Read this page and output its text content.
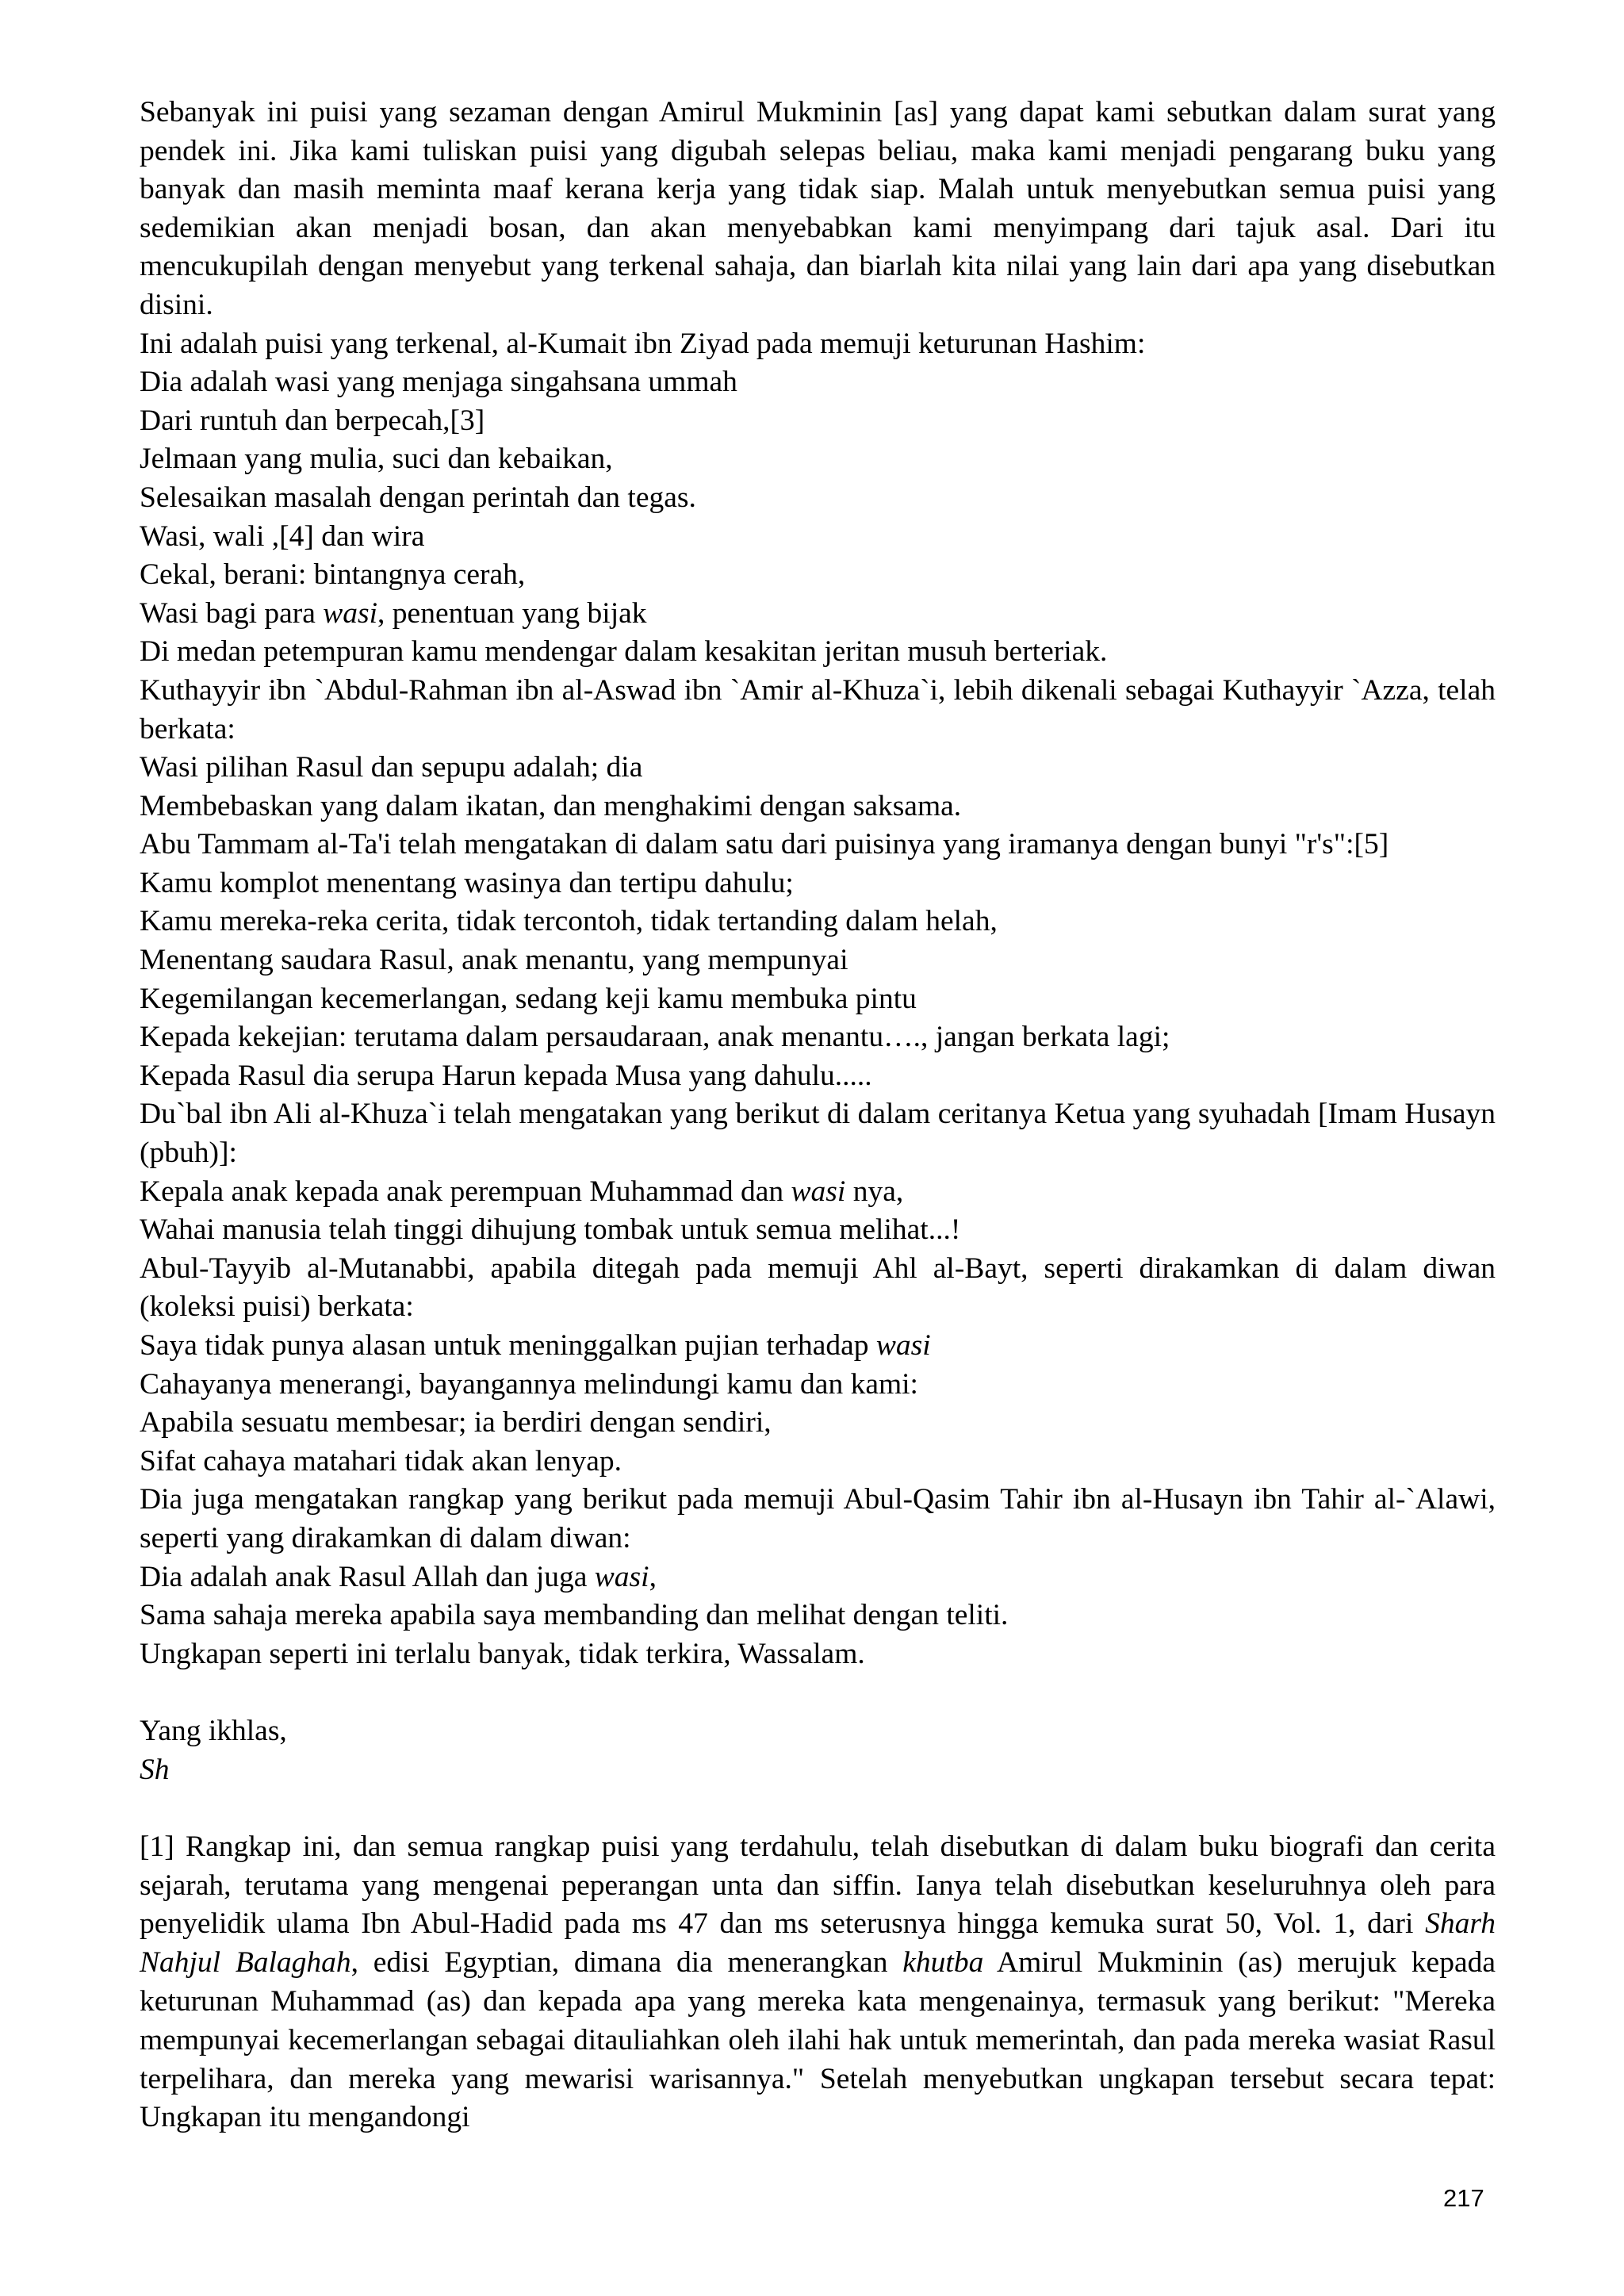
Sebanyak ini puisi yang sezaman dengan Amirul Mukminin [as] yang dapat kami sebutkan dalam surat yang pendek ini. Jika kami tuliskan puisi yang digubah selepas beliau, maka kami menjadi pengarang buku yang banyak dan masih meminta maaf kerana kerja yang tidak siap. Malah untuk menyebutkan semua puisi yang sedemikian akan menjadi bosan, dan akan menyebabkan kami menyimpang dari tajuk asal. Dari itu mencukupilah dengan menyebut yang terkenal sahaja, dan biarlah kita nilai yang lain dari apa yang disebutkan disini.

Ini adalah puisi yang terkenal, al-Kumait ibn Ziyad pada memuji keturunan Hashim:

Dia adalah wasi yang menjaga singahsana ummah

Dari runtuh dan berpecah,[3]

Jelmaan yang mulia, suci dan kebaikan,

Selesaikan masalah dengan perintah dan tegas.

Wasi, wali ,[4] dan wira

Cekal, berani: bintangnya cerah,

Wasi bagi para wasi, penentuan yang bijak

Di medan petempuran kamu mendengar dalam kesakitan jeritan musuh berteriak.

Kuthayyir ibn `Abdul-Rahman ibn al-Aswad ibn `Amir al-Khuza`i, lebih dikenali sebagai Kuthayyir `Azza, telah berkata:

Wasi pilihan Rasul dan sepupu adalah; dia

Membebaskan yang dalam ikatan, dan menghakimi dengan saksama.

Abu Tammam al-Ta'i telah mengatakan di dalam satu dari puisinya yang iramanya dengan bunyi "r's":[5]

Kamu komplot menentang wasinya dan tertipu dahulu;

Kamu mereka-reka cerita, tidak tercontoh, tidak tertanding dalam helah,

Menentang saudara Rasul, anak menantu, yang mempunyai

Kegemilangan kecemerlangan, sedang keji kamu membuka pintu

Kepada kekejian: terutama dalam persaudaraan, anak menantu…., jangan berkata lagi;

Kepada Rasul dia serupa Harun kepada Musa yang dahulu.....

Du`bal ibn Ali al-Khuza`i telah mengatakan yang berikut di dalam ceritanya Ketua yang syuhadah [Imam Husayn (pbuh)]:

Kepala anak kepada anak perempuan Muhammad dan wasi nya,

Wahai manusia telah tinggi dihujung tombak untuk semua melihat...!

Abul-Tayyib al-Mutanabbi, apabila ditegah pada memuji Ahl al-Bayt, seperti dirakamkan di dalam diwan (koleksi puisi) berkata:

Saya tidak punya alasan untuk meninggalkan pujian terhadap wasi

Cahayanya menerangi, bayangannya melindungi kamu dan kami:

Apabila sesuatu membesar; ia berdiri dengan sendiri,

Sifat cahaya matahari tidak akan lenyap.

Dia juga mengatakan rangkap yang berikut pada memuji Abul-Qasim Tahir ibn al-Husayn ibn Tahir al-`Alawi, seperti yang dirakamkan di dalam diwan:

Dia adalah anak Rasul Allah dan juga wasi,

Sama sahaja mereka apabila saya membanding dan melihat dengan teliti.

Ungkapan seperti ini terlalu banyak, tidak terkira, Wassalam.

Yang ikhlas,

Sh

[1] Rangkap ini, dan semua rangkap puisi yang terdahulu, telah disebutkan di dalam buku biografi dan cerita sejarah, terutama yang mengenai peperangan unta dan siffin. Ianya telah disebutkan keseluruhnya oleh para penyelidik ulama Ibn Abul-Hadid pada ms 47 dan ms seterusnya hingga kemuka surat 50, Vol. 1, dari Sharh Nahjul Balaghah, edisi Egyptian, dimana dia menerangkan khutba Amirul Mukminin (as) merujuk kepada keturunan Muhammad (as) dan kepada apa yang mereka kata mengenainya, termasuk yang berikut: "Mereka mempunyai kecemerlangan sebagai ditauliahkan oleh ilahi hak untuk memerintah, dan pada mereka wasiat Rasul terpelihara, dan mereka yang mewarisi warisannya." Setelah menyebutkan ungkapan tersebut secara tepat: Ungkapan itu mengandongi

217
